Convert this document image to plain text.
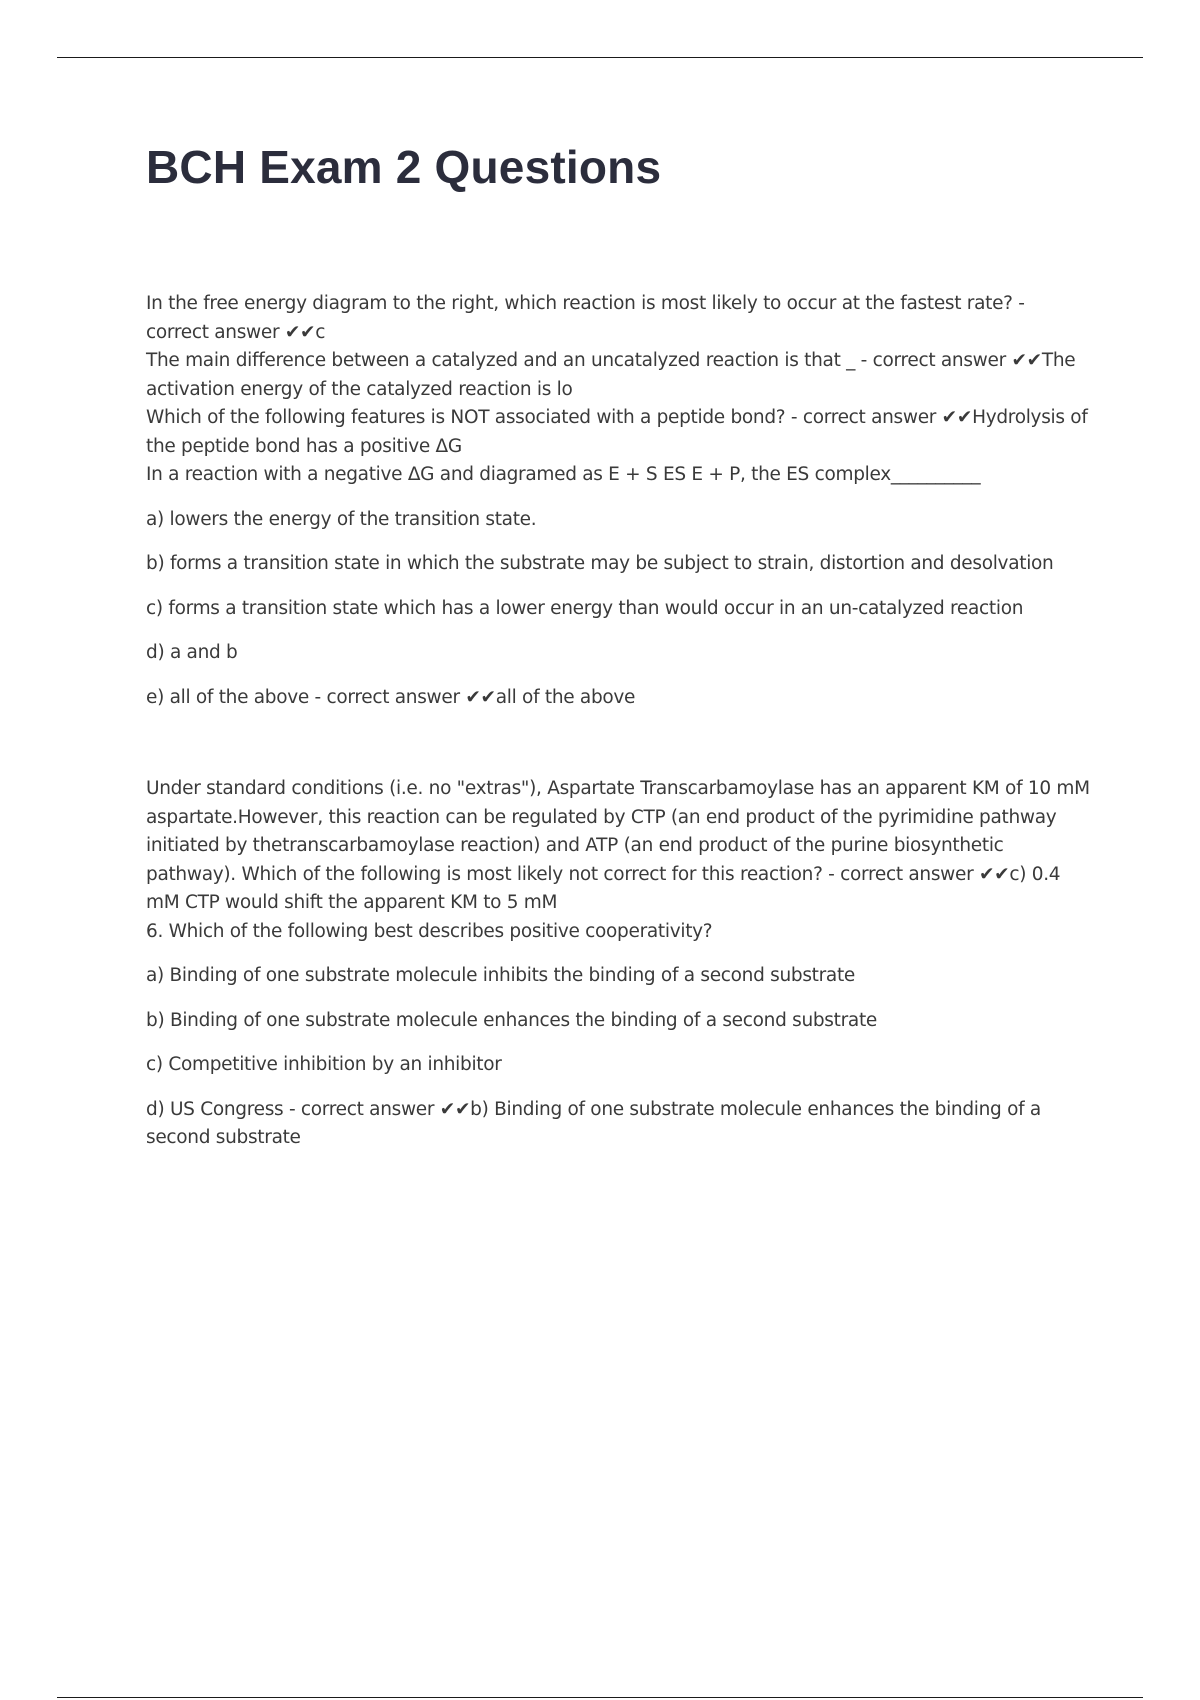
BCH Exam 2 Questions

In the free energy diagram to the right, which reaction is most likely to occur at the fastest rate? - correct answer ✔✔c

The main difference between a catalyzed and an uncatalyzed reaction is that _ - correct answer ✔✔The activation energy of the catalyzed reaction is lo

Which of the following features is NOT associated with a peptide bond? - correct answer ✔✔Hydrolysis of the peptide bond has a positive ΔG

In a reaction with a negative ΔG and diagramed as E + S ES E + P, the ES complex__________

a) lowers the energy of the transition state.

b) forms a transition state in which the substrate may be subject to strain, distortion and desolvation

c) forms a transition state which has a lower energy than would occur in an un-catalyzed reaction

d) a and b

e) all of the above - correct answer ✔✔all of the above

Under standard conditions (i.e. no "extras"), Aspartate Transcarbamoylase has an apparent KM of 10 mM aspartate.However, this reaction can be regulated by CTP (an end product of the pyrimidine pathway initiated by thetranscarbamoylase reaction) and ATP (an end product of the purine biosynthetic pathway). Which of the following is most likely not correct for this reaction? - correct answer ✔✔c) 0.4 mM CTP would shift the apparent KM to 5 mM

6. Which of the following best describes positive cooperativity?

a) Binding of one substrate molecule inhibits the binding of a second substrate

b) Binding of one substrate molecule enhances the binding of a second substrate

c) Competitive inhibition by an inhibitor

d) US Congress - correct answer ✔✔b) Binding of one substrate molecule enhances the binding of a second substrate
